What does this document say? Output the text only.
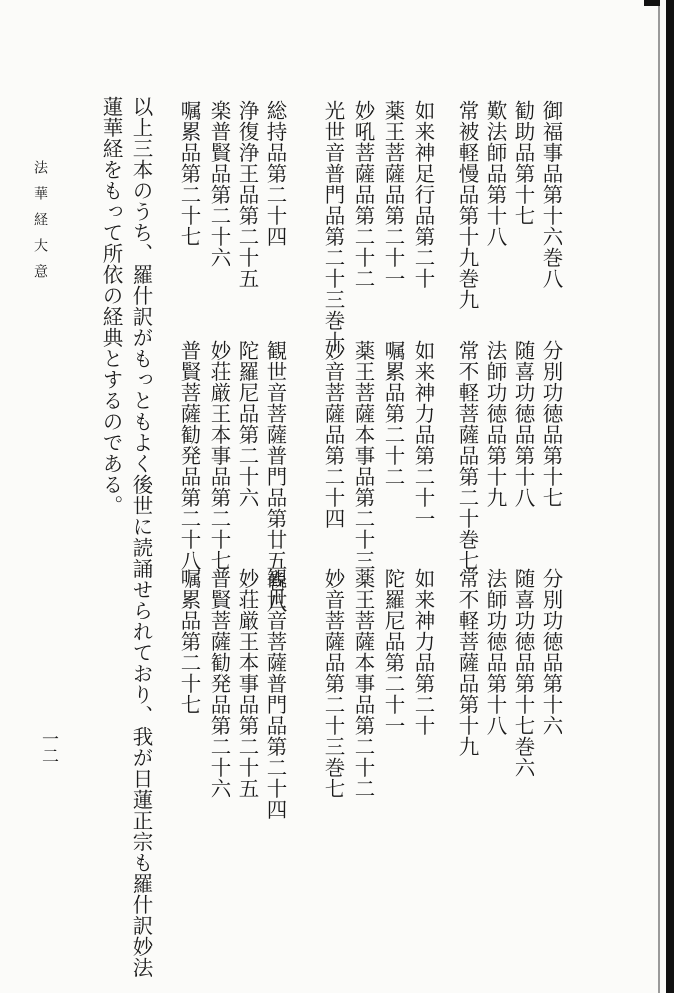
御福事品第十六巻八
分別功徳品第十七
分別功徳品第十六
勧助品第十七
随喜功徳品第十八
随喜功徳品第十七巻六
歎法師品第十八
法師功徳品第十九
法師功徳品第十八
常被軽慢品第十九巻九
常不軽菩薩品第二十巻七
常不軽菩薩品第十九
如来神足行品第二十
如来神力品第二十一
如来神力品第二十
薬王菩薩品第二十一
嘱累品第二十二
陀羅尼品第二十一
妙吼菩薩品第二十二
薬王菩薩本事品第二十三
薬王菩薩本事品第二十二
光世音普門品第二十三巻十
妙音菩薩品第二十四
妙音菩薩品第二十三巻七
総持品第二十四
観世音菩薩普門品第廿五巻八
観世音菩薩普門品第二十四
浄復浄王品第二十五
陀羅尼品第二十六
妙荘厳王本事品第二十五
楽普賢品第二十六
妙荘厳王本事品第二十七
普賢菩薩勧発品第二十六
嘱累品第二十七
普賢菩薩勧発品第二十八
嘱累品第二十七
以上三本のうち、羅什訳がもっともよく後世に読誦せられており、我が日蓮正宗も羅什訳妙法
蓮華経をもって所依の経典とするのである。
法華経大意
一二
